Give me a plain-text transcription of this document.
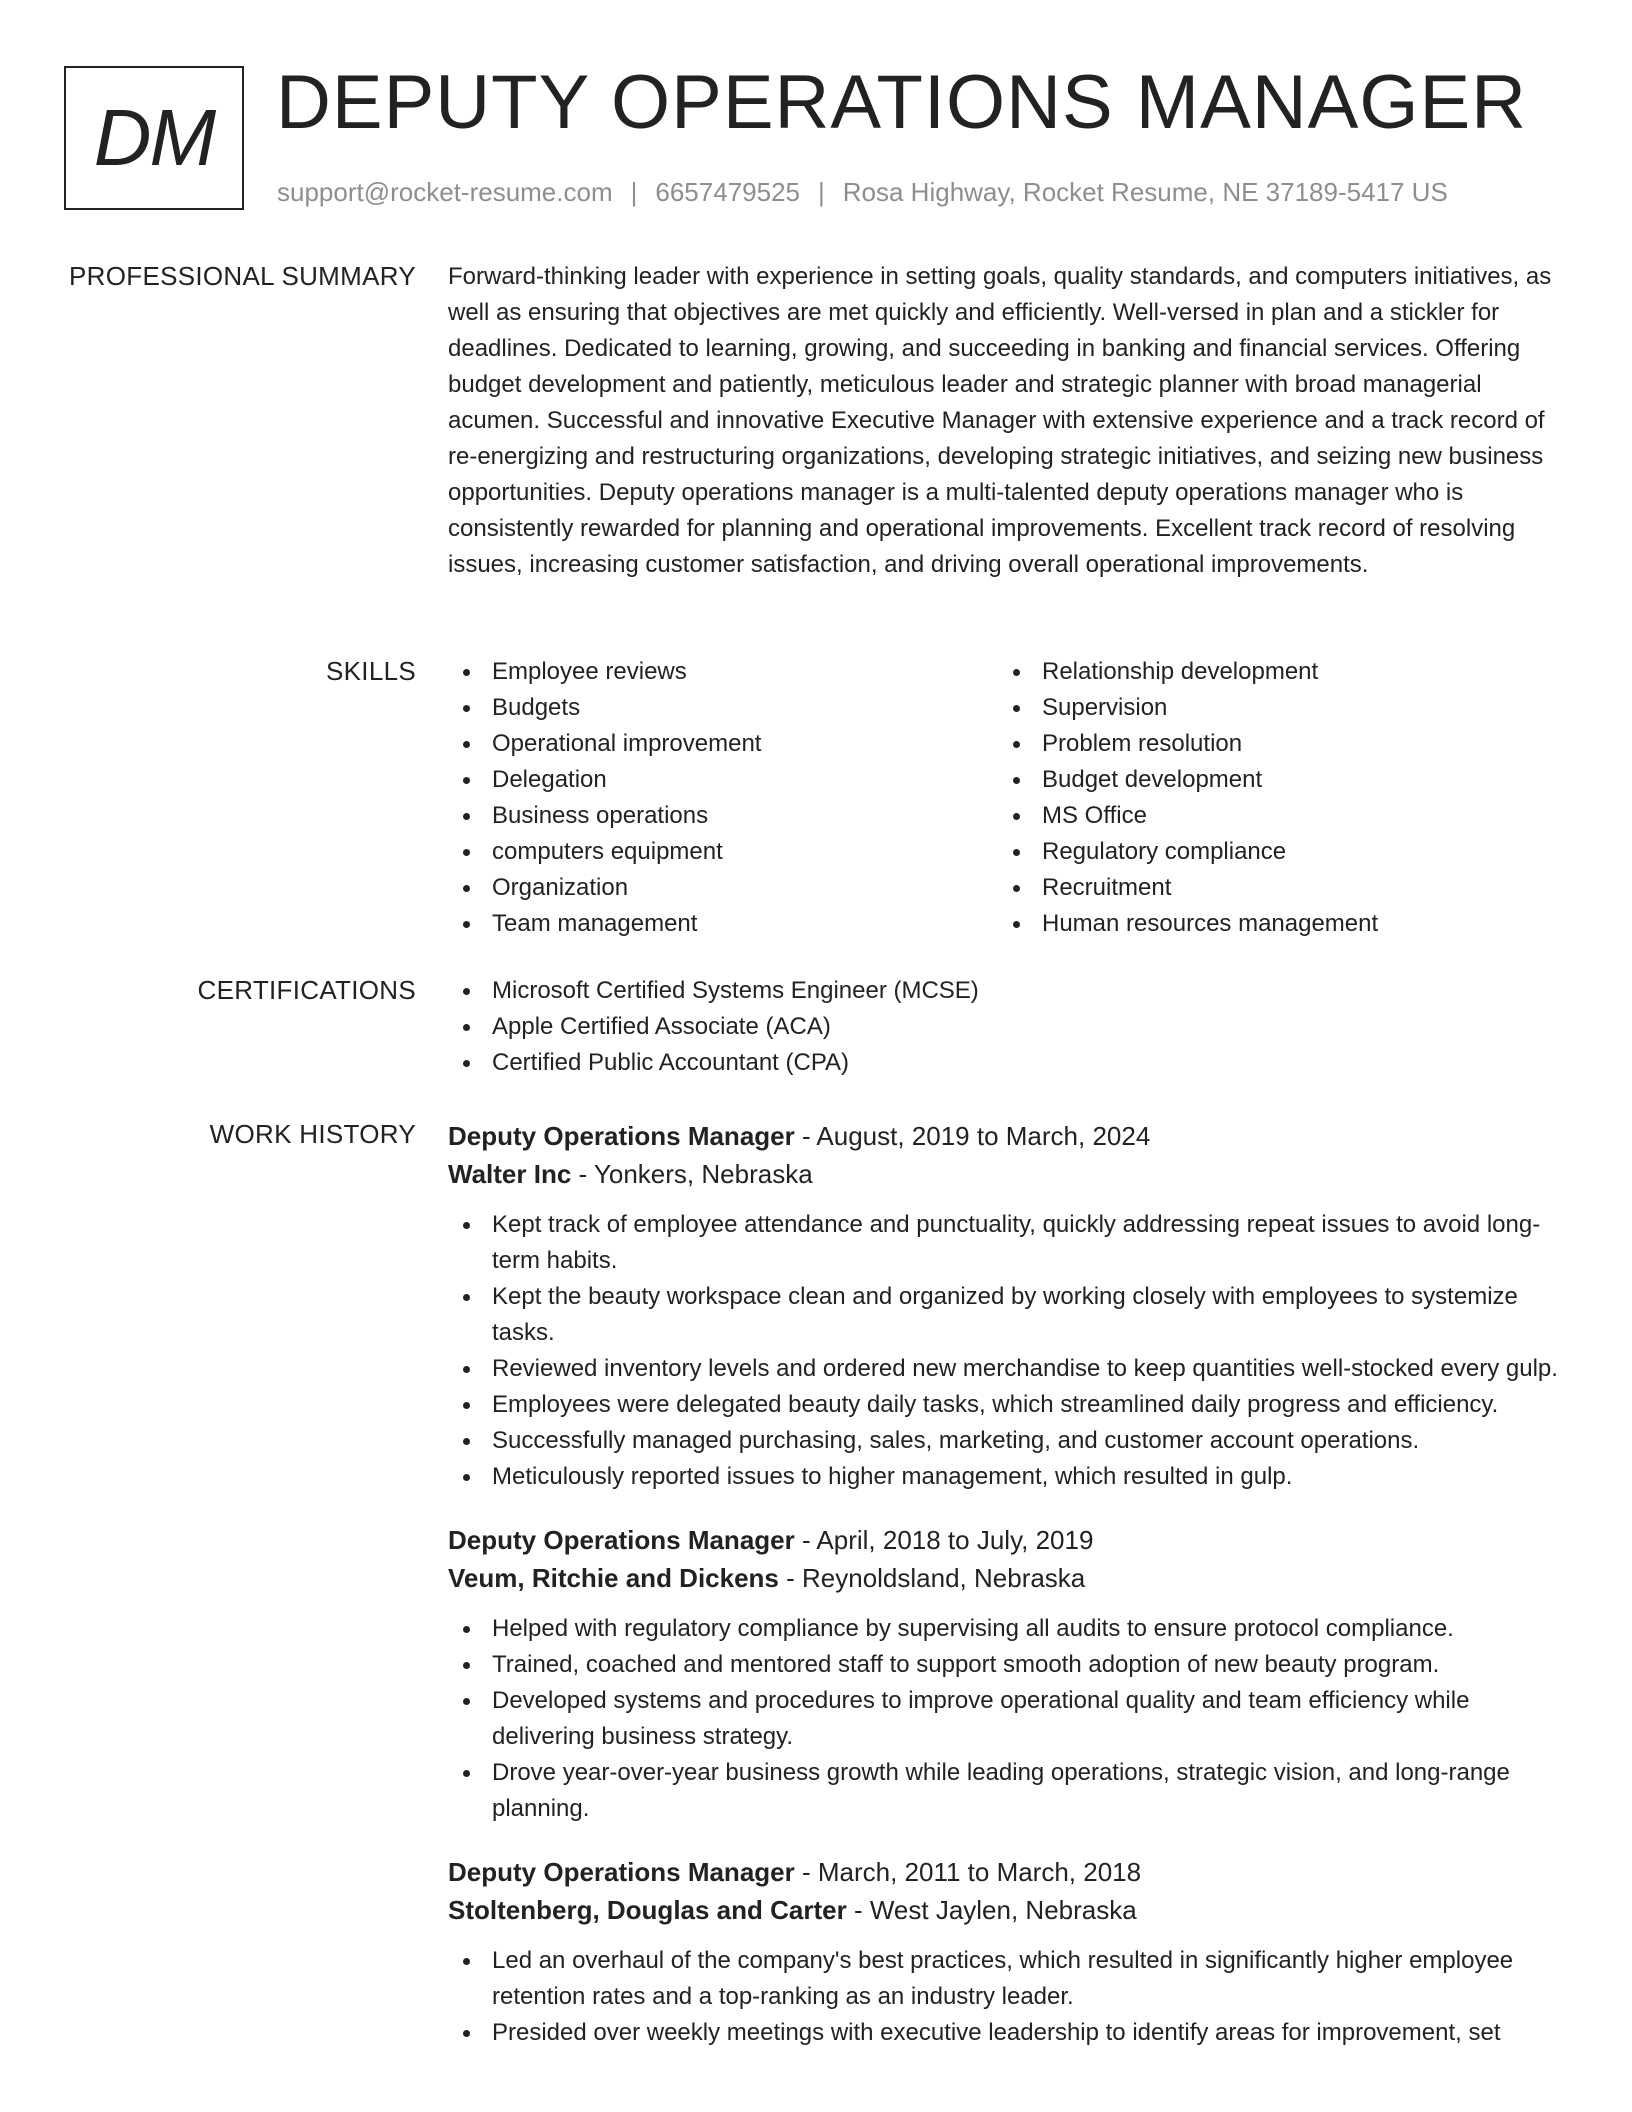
DM DEPUTY OPERATIONS MANAGER
support@rocket-resume.com | 6657479525 | Rosa Highway, Rocket Resume, NE 37189-5417 US
PROFESSIONAL SUMMARY Forward-thinking leader with experience in setting goals, quality standards, and computers initiatives, as well as ensuring that objectives are met quickly and efficiently. Well-versed in plan and a stickler for deadlines. Dedicated to learning, growing, and succeeding in banking and financial services. Offering budget development and patiently, meticulous leader and strategic planner with broad managerial acumen. Successful and innovative Executive Manager with extensive experience and a track record of re-energizing and restructuring organizations, developing strategic initiatives, and seizing new business opportunities. Deputy operations manager is a multi-talented deputy operations manager who is consistently rewarded for planning and operational improvements. Excellent track record of resolving issues, increasing customer satisfaction, and driving overall operational improvements.

SKILLS	Employee reviews
Budgets
Operational improvement
Delegation
Business operations
computers equipment
Organization
Team management
Relationship development
Supervision
Problem resolution
Budget development
MS Office
Regulatory compliance
Recruitment
Human resources management
CERTIFICATIONS	Microsoft Certified Systems Engineer (MCSE)
Apple Certified Associate (ACA)
Certified Public Accountant (CPA)
WORK HISTORY Deputy Operations Manager - August, 2019 to March, 2024
Walter Inc - Yonkers, Nebraska
Kept track of employee attendance and punctuality, quickly addressing repeat issues to avoid long-term habits.
Kept the beauty workspace clean and organized by working closely with employees to systemize tasks.
Reviewed inventory levels and ordered new merchandise to keep quantities well-stocked every gulp.
Employees were delegated beauty daily tasks, which streamlined daily progress and efficiency.
Successfully managed purchasing, sales, marketing, and customer account operations.
Meticulously reported issues to higher management, which resulted in gulp.
Deputy Operations Manager - April, 2018 to July, 2019
Veum, Ritchie and Dickens - Reynoldsland, Nebraska
Helped with regulatory compliance by supervising all audits to ensure protocol compliance.
Trained, coached and mentored staff to support smooth adoption of new beauty program.
Developed systems and procedures to improve operational quality and team efficiency while delivering business strategy.
Drove year-over-year business growth while leading operations, strategic vision, and long-range planning.
Deputy Operations Manager - March, 2011 to March, 2018
Stoltenberg, Douglas and Carter - West Jaylen, Nebraska
Led an overhaul of the company's best practices, which resulted in significantly higher employee retention rates and a top-ranking as an industry leader.
Presided over weekly meetings with executive leadership to identify areas for improvement, set
